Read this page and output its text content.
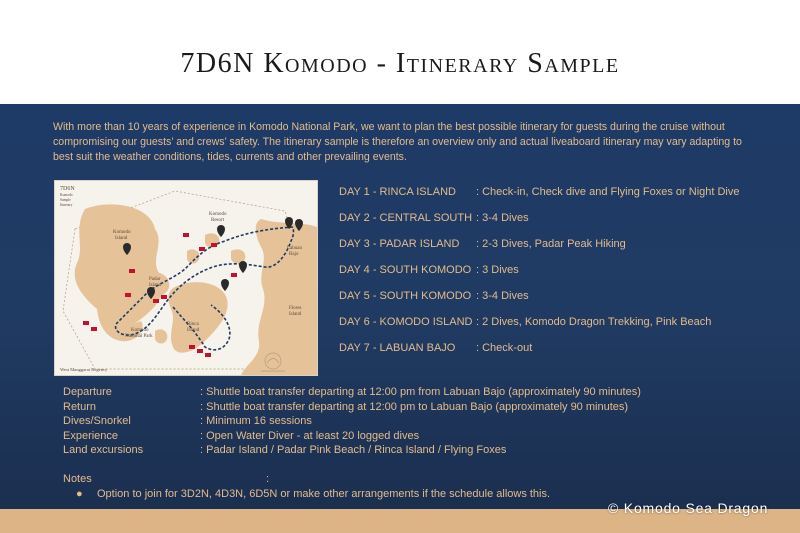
7D6N Komodo - Itinerary Sample
With more than 10 years of experience in Komodo National Park, we want to plan the best possible itinerary for guests during the cruise without compromising our guests’ and crews’ safety. The itinerary sample is therefore an overview only and actual liveaboard itinerary may vary adapting to best suit the weather conditions, tides, currents and other prevailing events.
7D6N
Komodo
Sample
Itinerary
Komodo
Island
Komodo
Resort
Labuan
Bajo
Padar
Island
Flores
Island
Rinca
Island
Komodo
National Park
West Manggarai Regency
DAY 1 - RINCA ISLAND : Check-in, Check dive and Flying Foxes or Night Dive
DAY 2 - CENTRAL SOUTH : 3-4 Dives
DAY 3 - PADAR ISLAND : 2-3 Dives, Padar Peak Hiking
DAY 4 - SOUTH KOMODO : 3 Dives
DAY 5 - SOUTH KOMODO : 3-4 Dives
DAY 6 - KOMODO ISLAND : 2 Dives, Komodo Dragon Trekking, Pink Beach
DAY 7 - LABUAN BAJO : Check-out
Departure	: Shuttle boat transfer departing at 12:00 pm from Labuan Bajo (approximately 90 minutes)
Return	: Shuttle boat transfer departing at 12:00 pm to Labuan Bajo (approximately 90 minutes)
Dives/Snorkel	: Minimum 16 sessions
Experience	: Open Water Diver - at least 20 logged dives
Land excursions	: Padar Island / Padar Pink Beach / Rinca Island / Flying Foxes
Notes	:
● Option to join for 3D2N, 4D3N, 6D5N or make other arrangements if the schedule allows this.
© Komodo Sea Dragon
